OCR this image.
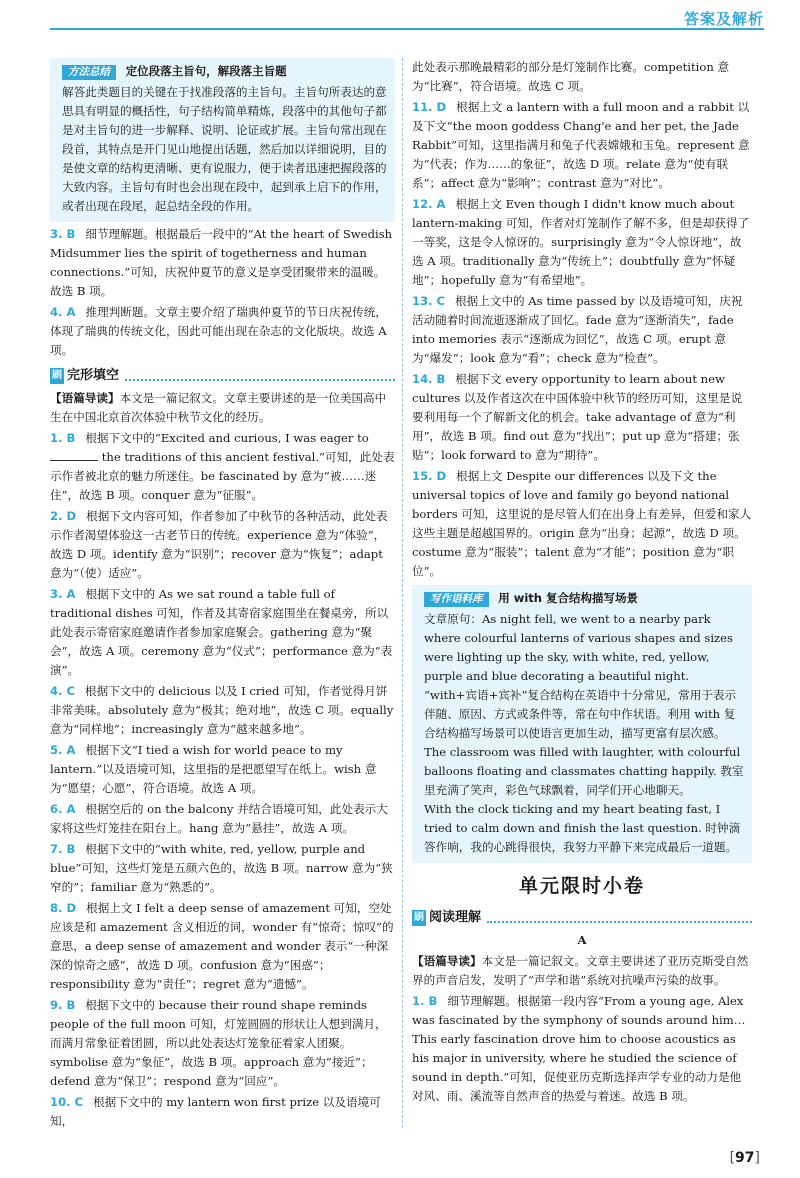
答案及解析
方法总结 定位段落主旨句，解段落主旨题

解答此类题目的关键在于找准段落的主旨句。主旨句所表达的意思具有明显的概括性，句子结构简单精炼，段落中的其他句子都是对主旨句的进一步解释、说明、论证或扩展。主旨句常出现在段首，其特点是开门见山地提出话题，然后加以详细说明，目的是使文章的结构更清晰、更有说服力，便于读者迅速把握段落的大致内容。主旨句有时也会出现在段中，起到承上启下的作用，或者出现在段尾，起总结全段的作用。

3. B 细节理解题。根据最后一段中的“At the heart of Swedish Midsummer lies the spirit of togetherness and human connections.”可知，庆祝仲夏节的意义是享受团聚带来的温暖。故选 B 项。

4. A 推理判断题。文章主要介绍了瑞典仲夏节的节日庆祝传统，体现了瑞典的传统文化，因此可能出现在杂志的文化版块。故选 A 项。

刷 完形填空

【语篇导读】本文是一篇记叙文。文章主要讲述的是一位美国高中生在中国北京首次体验中秋节文化的经历。

1. B 根据下文中的“Excited and curious, I was eager to  the traditions of this ancient festival.”可知，此处表示作者被北京的魅力所迷住。be fascinated by 意为“被……迷住”，故选 B 项。conquer 意为“征服”。

2. D 根据下文内容可知，作者参加了中秋节的各种活动，此处表示作者渴望体验这一古老节日的传统。experience 意为“体验”，故选 D 项。identify 意为“识别”；recover 意为“恢复”；adapt 意为“（使）适应”。

3. A 根据下文中的 As we sat round a table full of traditional dishes 可知，作者及其寄宿家庭围坐在餐桌旁，所以此处表示寄宿家庭邀请作者参加家庭聚会。gathering 意为“聚会”，故选 A 项。ceremony 意为“仪式”；performance 意为“表演”。

4. C 根据下文中的 delicious 以及 I cried 可知，作者觉得月饼非常美味。absolutely 意为“极其；绝对地”，故选 C 项。equally 意为“同样地”；increasingly 意为“越来越多地”。

5. A 根据下文“I tied a wish for world peace to my lantern.”以及语境可知，这里指的是把愿望写在纸上。wish 意为“愿望；心愿”，符合语境。故选 A 项。

6. A 根据空后的 on the balcony 并结合语境可知，此处表示大家将这些灯笼挂在阳台上。hang 意为“悬挂”，故选 A 项。

7. B 根据下文中的“with white, red, yellow, purple and blue”可知，这些灯笼是五颜六色的，故选 B 项。narrow 意为“狭窄的”；familiar 意为“熟悉的”。

8. D 根据上文 I felt a deep sense of amazement 可知，空处应该是和 amazement 含义相近的词，wonder 有“惊奇；惊叹”的意思，a deep sense of amazement and wonder 表示“一种深深的惊奇之感”，故选 D 项。confusion 意为“困惑”；responsibility 意为“责任”；regret 意为“遗憾”。

9. B 根据下文中的 because their round shape reminds people of the full moon 可知，灯笼圆圆的形状让人想到满月，而满月常象征着团圆，所以此处表达灯笼象征着家人团聚。symbolise 意为“象征”，故选 B 项。approach 意为“接近”；defend 意为“保卫”；respond 意为“回应”。

10. C 根据下文中的 my lantern won first prize 以及语境可知，

此处表示那晚最精彩的部分是灯笼制作比赛。competition 意为“比赛”，符合语境。故选 C 项。

11. D 根据上文 a lantern with a full moon and a rabbit 以及下文“the moon goddess Chang'e and her pet, the Jade Rabbit”可知，这里指满月和兔子代表嫦娥和玉兔。represent 意为“代表；作为……的象征”，故选 D 项。relate 意为“使有联系”；affect 意为“影响”；contrast 意为“对比”。

12. A 根据上文 Even though I didn't know much about lantern-making 可知，作者对灯笼制作了解不多，但是却获得了一等奖，这是令人惊讶的。surprisingly 意为“令人惊讶地”，故选 A 项。traditionally 意为“传统上”；doubtfully 意为“怀疑地”；hopefully 意为“有希望地”。

13. C 根据上文中的 As time passed by 以及语境可知，庆祝活动随着时间流逝逐渐成了回忆。fade 意为“逐渐消失”，fade into memories 表示“逐渐成为回忆”，故选 C 项。erupt 意为“爆发”；look 意为“看”；check 意为“检查”。

14. B 根据下文 every opportunity to learn about new cultures 以及作者这次在中国体验中秋节的经历可知，这里是说要利用每一个了解新文化的机会。take advantage of 意为“利用”，故选 B 项。find out 意为“找出”；put up 意为“搭建；张贴”；look forward to 意为“期待”。

15. D 根据上文 Despite our differences 以及下文 the universal topics of love and family go beyond national borders 可知，这里说的是尽管人们在出身上有差异，但爱和家人这些主题是超越国界的。origin 意为“出身；起源”，故选 D 项。costume 意为“服装”；talent 意为“才能”；position 意为“职位”。

写作语料库 用 with 复合结构描写场景

文章原句：As night fell, we went to a nearby park where colourful lanterns of various shapes and sizes were lighting up the sky, with white, red, yellow, purple and blue decorating a beautiful night.

“with+宾语+宾补”复合结构在英语中十分常见，常用于表示伴随、原因、方式或条件等，常在句中作状语。利用 with 复合结构描写场景可以使语言更加生动，描写更富有层次感。

The classroom was filled with laughter, with colourful balloons floating and classmates chatting happily. 教室里充满了笑声，彩色气球飘着，同学们开心地聊天。

With the clock ticking and my heart beating fast, I tried to calm down and finish the last question. 时钟滴答作响，我的心跳得很快，我努力平静下来完成最后一道题。

单元限时小卷
刷 阅读理解
A

【语篇导读】本文是一篇记叙文。文章主要讲述了亚历克斯受自然界的声音启发，发明了“声学和谐”系统对抗噪声污染的故事。

1. B 细节理解题。根据第一段内容“From a young age, Alex was fascinated by the symphony of sounds around him… This early fascination drove him to choose acoustics as his major in university, where he studied the science of sound in depth.”可知，促使亚历克斯选择声学专业的动力是他对风、雨、溪流等自然声音的热爱与着迷。故选 B 项。

[97]
